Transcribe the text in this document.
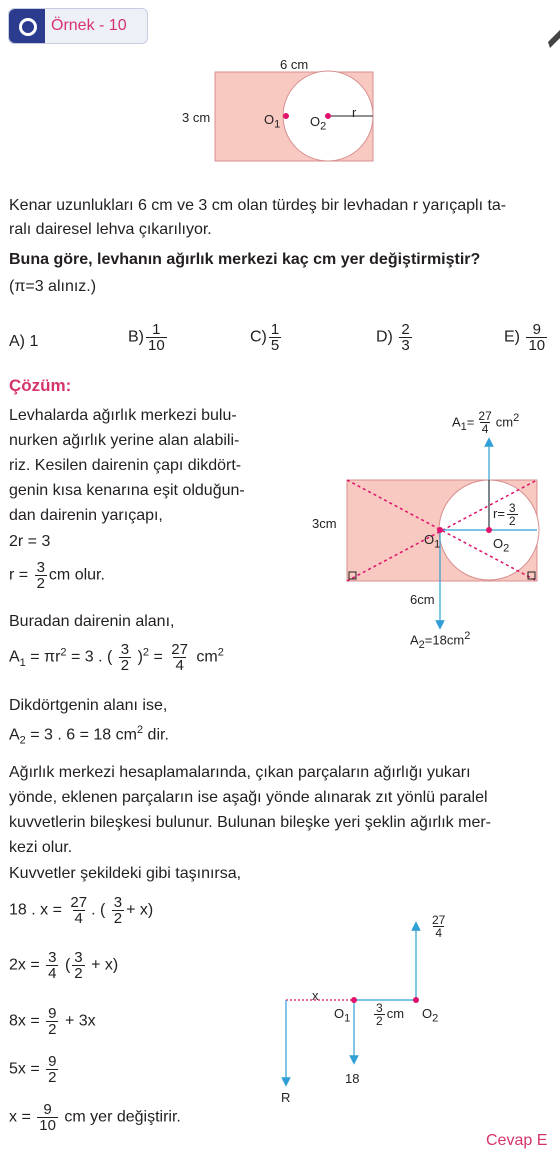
Örnek - 10
6 cm
3 cm	$O_1$ $O_2$
r
Kenar uzunlukları 6 cm ve 3 cm olan türdeş bir levhadan r yarıçaplı ta-
ralı dairesel lehva çıkarılıyor.
Buna göre, levhanın ağırlık merkezi kaç cm yer değiştirmiştir?
(π=3 alınız.)
A) 1	$B) \frac{1}{10}$	$C) \frac{1}{5}$	$D) \frac{2}{3}$	$E) \frac{9}{10}$
Çözüm:
Levhalarda ağırlık merkezi bulu-
nurken ağırlık yerine alan alabili-
riz. Kesilen dairenin çapı dikdört-
genin kısa kenarına eşit olduğun-
dan dairenin yarıçapı,
2r = 3
$r = \frac{3}{2}$ cm olur.
Buradan dairenin alanı,
$A_1 = \pi r^2 = 3$ . ( $\frac{3}{2} )^2 = \frac{27}{4} cm^2$
Dikdörtgenin alanı ise,
$A_2 = 3$ . 6 = 18 $cm^2$ dir.
$A_1= \frac{27}{4} cm^2$
$r= \frac{3}{2}$
3cm
$O_1$	$O_2$
6cm
$A_2=18cm^2$
Ağırlık merkezi hesaplamalarında, çıkan parçaların ağırlığı yukarı
yönde, eklenen parçaların ise aşağı yönde alınarak zıt yönlü paralel
kuvvetlerin bileşkesi bulunur. Bulunan bileşke yeri şeklin ağırlık mer-
kezi olur.
Kuvvetler şekildeki gibi taşınırsa,
18 . $x = \frac{27}{4}$ . ( $\frac{3}{2} + x$)
$2x = \frac{3}{4}$ ( $\frac{3}{2} + x$)
$8x = \frac{9}{2} + 3x$
$5x = \frac{9}{2}$
$x = \frac{9}{10}$ cm yer değiştirir.
$\frac{27}{4}$
x
$O_1 \frac{3}{2}$ cm $O_2$
18
R
Cevap E
